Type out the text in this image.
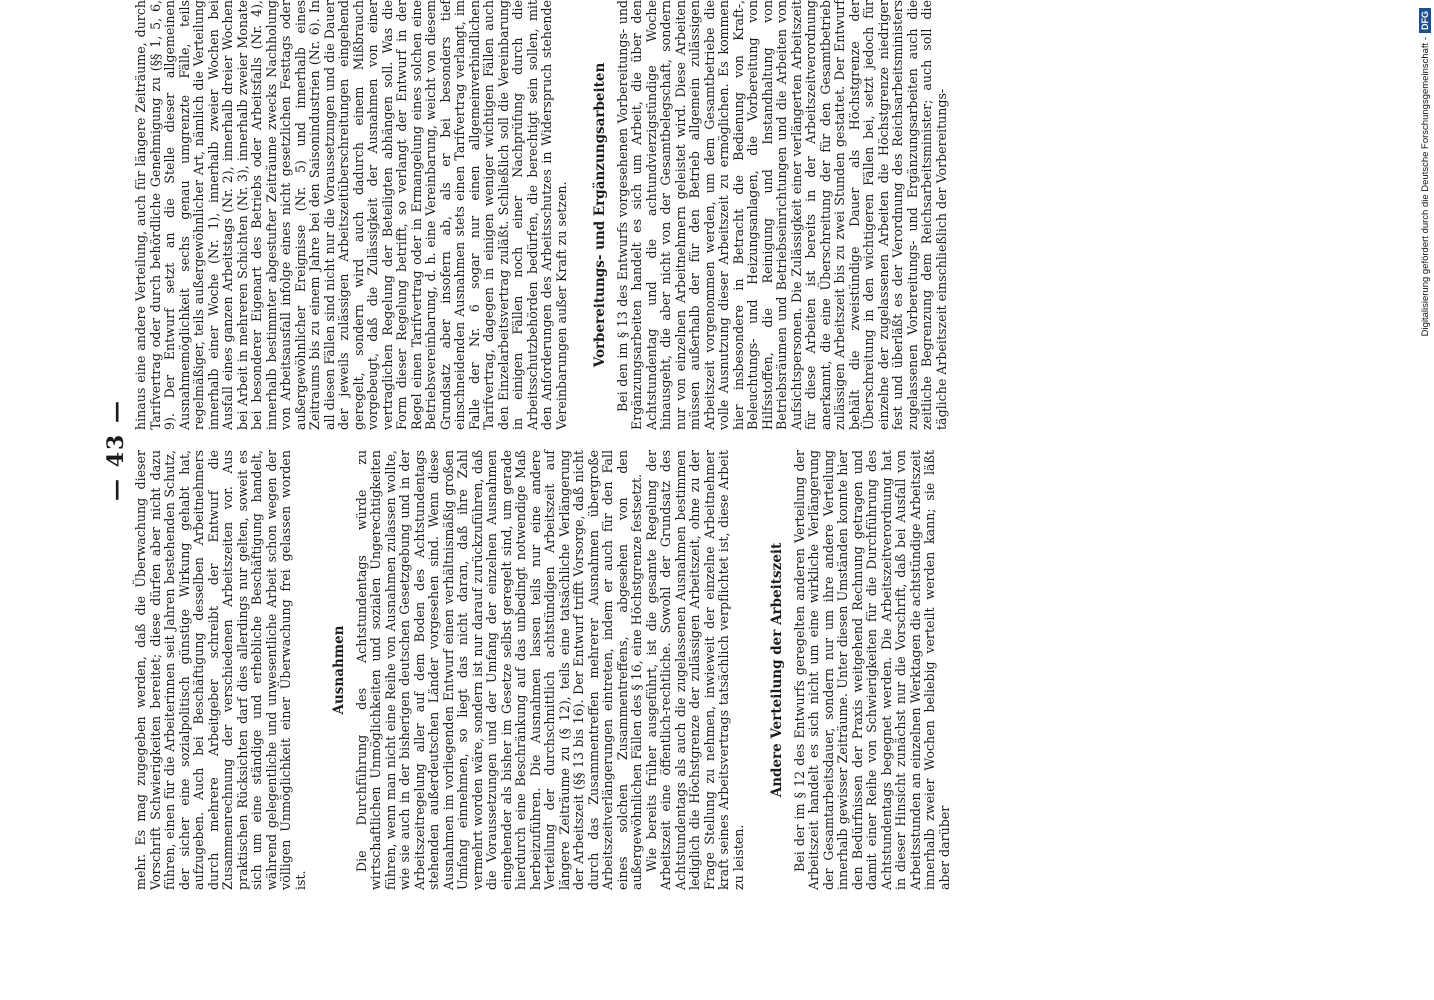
— 43 — mehr. Es mag zugegeben werden, daß die Überwachung dieser Vorschrift Schwierigkeiten bereitet; diese dürfen aber nicht dazu führen, einen für die Arbeiterinnen seit Jahren bestehenden Schutz, der sicher eine sozialpolitisch günstige Wirkung gehabt hat, aufzugeben. Auch bei Beschäftigung desselben Arbeitnehmers durch mehrere Arbeitgeber schreibt der Entwurf die Zusammenrechnung der verschiedenen Arbeitszeiten vor. Aus praktischen Rücksichten darf dies allerdings nur gelten, soweit es sich um eine ständige und erhebliche Beschäftigung handelt, während gelegentliche und unwesentliche Arbeit schon wegen der völligen Unmöglichkeit einer Überwachung frei gelassen worden ist.

Ausnahmen Die Durchführung des Achtstundentags würde zu wirtschaftlichen Unmöglichkeiten und sozialen Ungerechtigkeiten führen, wenn man nicht eine Reihe von Ausnahmen zulassen wollte, wie sie auch in der bisherigen deutschen Gesetzgebung und in der Arbeitszeitregelung aller auf dem Boden des Achtstundentags stehenden außerdeutschen Länder vorgesehen sind. Wenn diese Ausnahmen im vorliegenden Entwurf einen verhältnismäßig großen Umfang einnehmen, so liegt das nicht daran, daß ihre Zahl vermehrt worden wäre, sondern ist nur darauf zurückzuführen, daß die Voraussetzungen und der Umfang der einzelnen Ausnahmen eingehender als bisher im Gesetze selbst geregelt sind, um gerade hierdurch eine Beschränkung auf das unbedingt notwendige Maß herbeizuführen. Die Ausnahmen lassen teils nur eine andere Verteilung der durchschnittlich achtstündigen Arbeitszeit auf längere Zeiträume zu (§ 12), teils eine tatsächliche Verlängerung der Arbeitszeit (§§ 13 bis 16). Der Entwurf trifft Vorsorge, daß nicht durch das Zusammentreffen mehrerer Ausnahmen übergroße Arbeitszeitverlängerungen eintreten, indem er auch für den Fall eines solchen Zusammentreffens, abgesehen von den außergewöhnlichen Fällen des § 16, eine Höchstgrenze festsetzt. Wie bereits früher ausgeführt, ist die gesamte Regelung der Arbeitszeit eine öffentlich-rechtliche. Sowohl der Grundsatz des Achtstundentags als auch die zugelassenen Ausnahmen bestimmen lediglich die Höchstgrenze der zulässigen Arbeitszeit, ohne zu der Frage Stellung zu nehmen, inwieweit der einzelne Arbeitnehmer kraft seines Arbeitsvertrags tatsächlich verpflichtet ist, diese Arbeit zu leisten.

Andere Verteilung der Arbeitszeit Bei der im § 12 des Entwurfs geregelten anderen Verteilung der Arbeitszeit handelt es sich nicht um eine wirkliche Verlängerung der Gesamtarbeitsdauer, sondern nur um ihre andere Verteilung innerhalb gewisser Zeiträume. Unter diesen Umständen konnte hier den Bedürfnissen der Praxis weitgehend Rechnung getragen und damit einer Reihe von Schwierigkeiten für die Durchführung des Achtstundentags begegnet werden. Die Arbeitszeitverordnung hat in dieser Hinsicht zunächst nur die Vorschrift, daß bei Ausfall von Arbeitsstunden an einzelnen Werktagen die achtstündige Arbeitszeit innerhalb zweier Wochen beliebig verteilt werden kann; sie läßt aber darüber

hinaus eine andere Verteilung, auch für längere Zeiträume, durch Tarifvertrag oder durch behördliche Genehmigung zu (§§ 1, 5, 6, 9). Der Entwurf setzt an die Stelle dieser allgemeinen Ausnahmemöglichkeit sechs genau umgrenzte Fälle, teils regelmäßiger, teils außergewöhnlicher Art, nämlich die Verteilung innerhalb einer Woche (Nr. 1), innerhalb zweier Wochen bei Ausfall eines ganzen Arbeitstags (Nr. 2), innerhalb dreier Wochen bei Arbeit in mehreren Schichten (Nr. 3), innerhalb zweier Monate bei besonderer Eigenart des Betriebs oder Arbeitsfalls (Nr. 4), innerhalb bestimmter abgestufter Zeiträume zwecks Nachholung von Arbeitsausfall infolge eines nicht gesetzlichen Festtags oder außergewöhnlicher Ereignisse (Nr. 5) und innerhalb eines Zeitraums bis zu einem Jahre bei den Saisonindustrien (Nr. 6). In all diesen Fällen sind nicht nur die Voraussetzungen und die Dauer der jeweils zulässigen Arbeitszeitüberschreitungen eingehend geregelt, sondern wird auch dadurch einem Mißbrauch vorgebeugt, daß die Zulässigkeit der Ausnahmen von einer vertraglichen Regelung der Beteiligten abhängen soll. Was die Form dieser Regelung betrifft, so verlangt der Entwurf in der Regel einen Tarifvertrag oder in Ermangelung eines solchen eine Betriebsvereinbarung, d. h. eine Vereinbarung, weicht von diesem Grundsatz aber insofern ab, als er bei besonders tief einschneidenden Ausnahmen stets einen Tarifvertrag verlangt, im Falle der Nr. 6 sogar nur einen allgemeinverbindlichen Tarifvertrag, dagegen in einigen weniger wichtigen Fällen auch den Einzelarbeitsvertrag zuläßt. Schließlich soll die Vereinbarung in einigen Fällen noch einer Nachprüfung durch die Arbeitsschutzbehörden bedürfen, die berechtigt sein sollen, mit den Anforderungen des Arbeitsschutzes in Widerspruch stehende Vereinbarungen außer Kraft zu setzen. Vorbereitungs- und Ergänzungsarbeiten Bei den im § 13 des Entwurfs vorgesehenen Vorbereitungs- und Ergänzungsarbeiten handelt es sich um Arbeit, die über den Achtstundentag und die achtundvierzigstündige Woche hinausgeht, die aber nicht von der Gesamtbelegschaft, sondern nur von einzelnen Arbeitnehmern geleistet wird. Diese Arbeiten müssen außerhalb der für den Betrieb allgemein zulässigen Arbeitszeit vorgenommen werden, um dem Gesamtbetriebe die volle Ausnutzung dieser Arbeitszeit zu ermöglichen. Es kommen hier insbesondere in Betracht die Bedienung von Kraft-, Beleuchtungs- und Heizungsanlagen, die Vorbereitung von Hilfsstoffen, die Reinigung und Instandhaltung von Betriebsräumen und Betriebseinrichtungen und die Arbeiten von Aufsichtspersonen. Die Zulässigkeit einer verlängerten Arbeitszeit für diese Arbeiten ist bereits in der Arbeitszeitverordnung anerkannt, die eine Überschreitung der für den Gesamtbetrieb zulässigen Arbeitszeit bis zu zwei Stunden gestattet. Der Entwurf behält die zweistündige Dauer als Höchstgrenze der Überschreitung in den wichtigeren Fällen bei, setzt jedoch für einzelne der zugelassenen Arbeiten die Höchstgrenze niedriger fest und überläßt es der Verordnung des Reichsarbeitsministers zugelassenen Vorbereitungs- und Ergänzungsarbeiten auch die zeitliche Begrenzung dem Reichsarbeitsminister; auch soll die tägliche Arbeitszeit einschließlich der Vorbereitungs-	Digitalisierung gefördert durch die Deutsche Forschungsgemeinschaft -DFG
